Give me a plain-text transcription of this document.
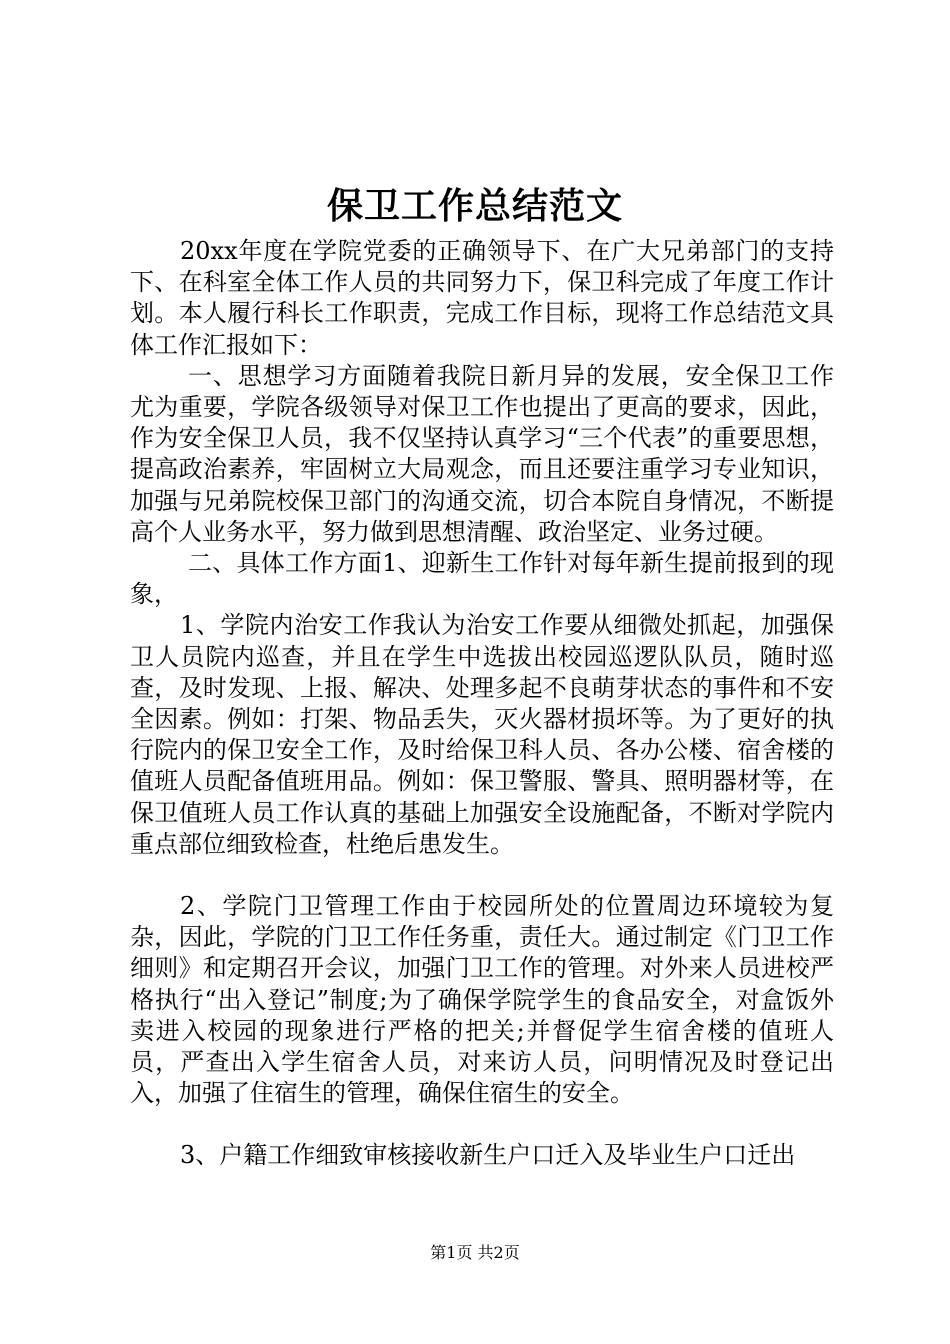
保卫工作总结范文

20xx年度在学院党委的正确领导下、在广大兄弟部门的支持下、在科室全体工作人员的共同努力下，保卫科完成了年度工作计划。本人履行科长工作职责，完成工作目标，现将工作总结范文具体工作汇报如下：

一、思想学习方面随着我院日新月异的发展，安全保卫工作尤为重要，学院各级领导对保卫工作也提出了更高的要求，因此，作为安全保卫人员，我不仅坚持认真学习“三个代表”的重要思想，提高政治素养，牢固树立大局观念，而且还要注重学习专业知识，加强与兄弟院校保卫部门的沟通交流，切合本院自身情况，不断提高个人业务水平，努力做到思想清醒、政治坚定、业务过硬。

二、具体工作方面1、迎新生工作针对每年新生提前报到的现象，

1、学院内治安工作我认为治安工作要从细微处抓起，加强保卫人员院内巡查，并且在学生中选拔出校园巡逻队队员，随时巡查，及时发现、上报、解决、处理多起不良萌芽状态的事件和不安全因素。例如：打架、物品丢失，灭火器材损坏等。为了更好的执行院内的保卫安全工作，及时给保卫科人员、各办公楼、宿舍楼的值班人员配备值班用品。例如：保卫警服、警具、照明器材等，在保卫值班人员工作认真的基础上加强安全设施配备，不断对学院内重点部位细致检查，杜绝后患发生。

2、学院门卫管理工作由于校园所处的位置周边环境较为复杂，因此，学院的门卫工作任务重，责任大。通过制定《门卫工作细则》和定期召开会议，加强门卫工作的管理。对外来人员进校严格执行“出入登记”制度;为了确保学院学生的食品安全，对盒饭外卖进入校园的现象进行严格的把关;并督促学生宿舍楼的值班人员，严查出入学生宿舍人员，对来访人员，问明情况及时登记出入，加强了住宿生的管理，确保住宿生的安全。

3、户籍工作细致审核接收新生户口迁入及毕业生户口迁出

第1页 共2页
